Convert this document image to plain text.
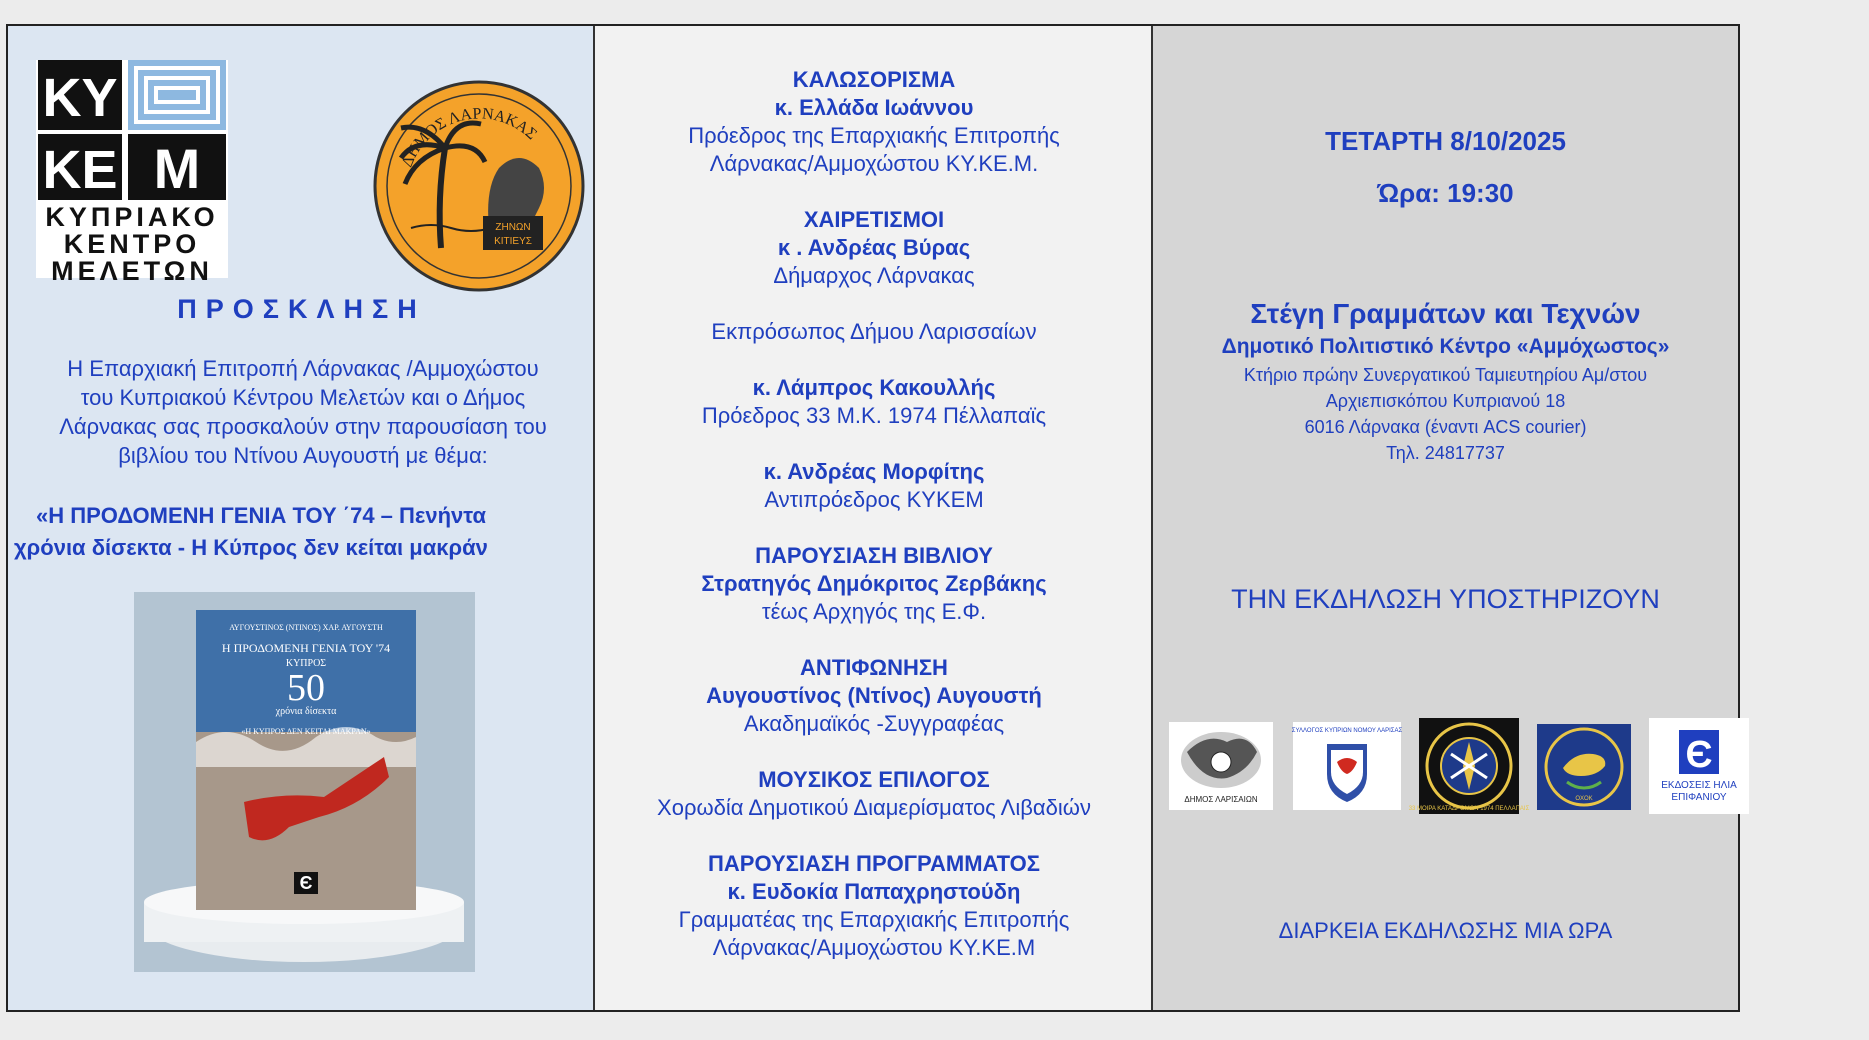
KY
KE M
ΚΥΠΡΙΑΚΟ
ΚΕΝΤΡΟ
ΜΕΛΕΤΩΝ
ΔΗΜΟΣ ΛΑΡΝΑΚΑΣ
ΖΗΝΩΝ
ΚΙΤΙΕΥΣ
ΠΡΟΣΚΛΗΣΗ
Η Επαρχιακή Επιτροπή Λάρνακας /Αμμοχώστου
του Κυπριακού Κέντρου Μελετών και ο Δήμος
Λάρνακας σας προσκαλούν στην παρουσίαση του
βιβλίου του Ντίνου Αυγουστή με θέμα:
«Η ΠΡΟΔΟΜΕΝΗ ΓΕΝΙΑ ΤΟΥ ΄74 – Πενήντα
χρόνια δίσεκτα - Η Κύπρος δεν κείται μακράν
ΑΥΓΟΥΣΤΙΝΟΣ (ΝΤΙΝΟΣ) ΧΑΡ. ΑΥΓΟΥΣΤΗ
Η ΠΡΟΔΟΜΕΝΗ ΓΕΝΙΑ ΤΟΥ '74
ΚΥΠΡΟΣ
50
χρόνια δίσεκτα
«Η ΚΥΠΡΟΣ ΔΕΝ ΚΕΙΤΑΙ ΜΑΚΡΑΝ»
Є
ΚΑΛΩΣΟΡΙΣΜΑ
κ. Ελλάδα Ιωάννου
Πρόεδρος της Επαρχιακής Επιτροπής
Λάρνακας/Αμμοχώστου ΚΥ.ΚΕ.Μ.
ΧΑΙΡΕΤΙΣΜΟΙ
κ . Ανδρέας Βύρας
Δήμαρχος Λάρνακας
Εκπρόσωπος Δήμου Λαρισσαίων
κ. Λάμπρος Κακουλλής
Πρόεδρος 33 Μ.Κ. 1974 Πέλλαπαϊς
κ. Ανδρέας Μορφίτης
Αντιπρόεδρος ΚΥΚΕΜ
ΠΑΡΟΥΣΙΑΣΗ ΒΙΒΛΙΟΥ
Στρατηγός Δημόκριτος Ζερβάκης
τέως Αρχηγός της Ε.Φ.
ΑΝΤΙΦΩΝΗΣΗ
Αυγουστίνος (Ντίνος) Αυγουστή
Ακαδημαϊκός -Συγγραφέας
ΜΟΥΣΙΚΟΣ ΕΠΙΛΟΓΟΣ
Χορωδία Δημοτικού Διαμερίσματος Λιβαδιών
ΠΑΡΟΥΣΙΑΣΗ ΠΡΟΓΡΑΜΜΑΤΟΣ
κ. Ευδοκία Παπαχρηστούδη
Γραμματέας της Επαρχιακής Επιτροπής
Λάρνακας/Αμμοχώστου ΚΥ.ΚΕ.Μ
ΤΕΤΑΡΤΗ 8/10/2025
Ώρα: 19:30
Στέγη Γραμμάτων και Τεχνών
Δημοτικό Πολιτιστικό Κέντρο «Αμμόχωστος»
Κτήριο πρώην Συνεργατικού Ταμιευτηρίου Αμ/στου
Αρχιεπισκόπου Κυπριανού 18
6016 Λάρνακα (έναντι ACS courier)
Τηλ. 24817737
ΤΗΝ ΕΚΔΗΛΩΣΗ ΥΠΟΣΤΗΡΙΖΟΥΝ
ΔΗΜΟΣ ΛΑΡΙΣΑΙΩΝ
ΣΥΛΛΟΓΟΣ ΚΥΠΡΙΩΝ ΝΟΜΟΥ ΛΑΡΙΣΑΣ
33 ΜΟΙΡΑ ΚΑΤΑΔΡΟΜΩΝ 1974 ΠΕΛΛΑΠΑΙΣ
ΟΧΟΚ
Є
ΕΚΔΟΣΕΙΣ ΗΛΙΑ ΕΠΙΦΑΝΙΟΥ
ΔΙΑΡΚΕΙΑ ΕΚΔΗΛΩΣΗΣ ΜΙΑ ΩΡΑ
